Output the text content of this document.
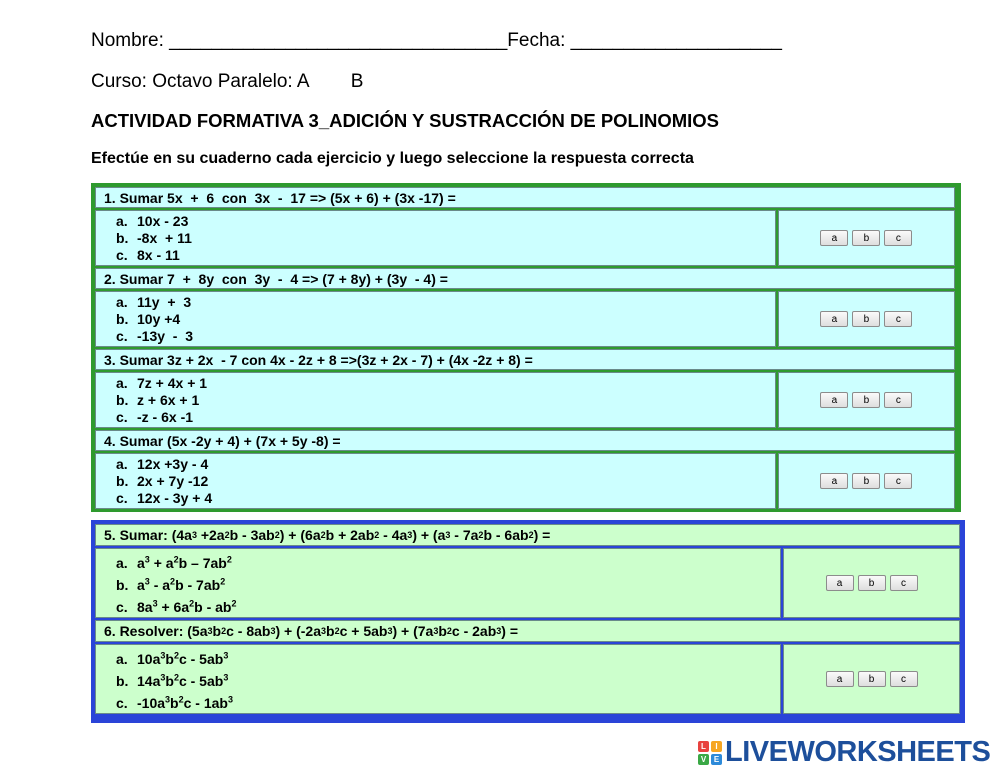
Nombre: ________________________________Fecha: ____________________
Curso: Octavo Paralelo: A        B
ACTIVIDAD FORMATIVA 3_ADICIÓN Y SUSTRACCIÓN DE POLINOMIOS
Efectúe en su cuaderno cada ejercicio y luego seleccione la respuesta correcta
1. Sumar 5x  +  6  con  3x  -  17 => (5x + 6) + (3x -17) =
a. 10x - 23
b. -8x  + 11
c. 8x - 11
a	b	c
2. Sumar 7  +  8y  con  3y  -  4 => (7 + 8y) + (3y  - 4) =
a. 11y  +  3
b. 10y +4
c. -13y  -  3
a	b	c
3. Sumar 3z + 2x  - 7 con 4x - 2z + 8 =>(3z + 2x - 7) + (4x -2z + 8) =
a. 7z + 4x + 1
b. z + 6x + 1
c. -z - 6x -1
a	b	c
4. Sumar (5x -2y + 4) + (7x + 5y -8) =
a. 12x +3y - 4
b. 2x + 7y -12
c. 12x - 3y + 4
a	b	c
5. Sumar: (4a 3 +2a 2 b - 3ab 2 ) + (6a 2 b + 2ab 2 - 4a 3 ) + (a 3 - 7a 2 b - 6ab 2 ) =
a. $a^3 + a^2b - 7ab^2$
b. $a^3 - a^2b - 7ab^2$
c. $8a^3 + 6a^2b - ab^2$
a	b	c
6. Resolver: (5a 3 b 2 c - 8ab 3 ) + (-2a 3 b 2 c + 5ab 3 ) + (7a 3 b 2 c - 2ab 3 ) =
a. $10a^3b^2c - 5ab^3$
b. $14a^3b^2c - 5ab^3$
c. $-10a^3b^2c - 1ab^3$
a	b	c
L	I
V E LIVEWORKSHEETS
